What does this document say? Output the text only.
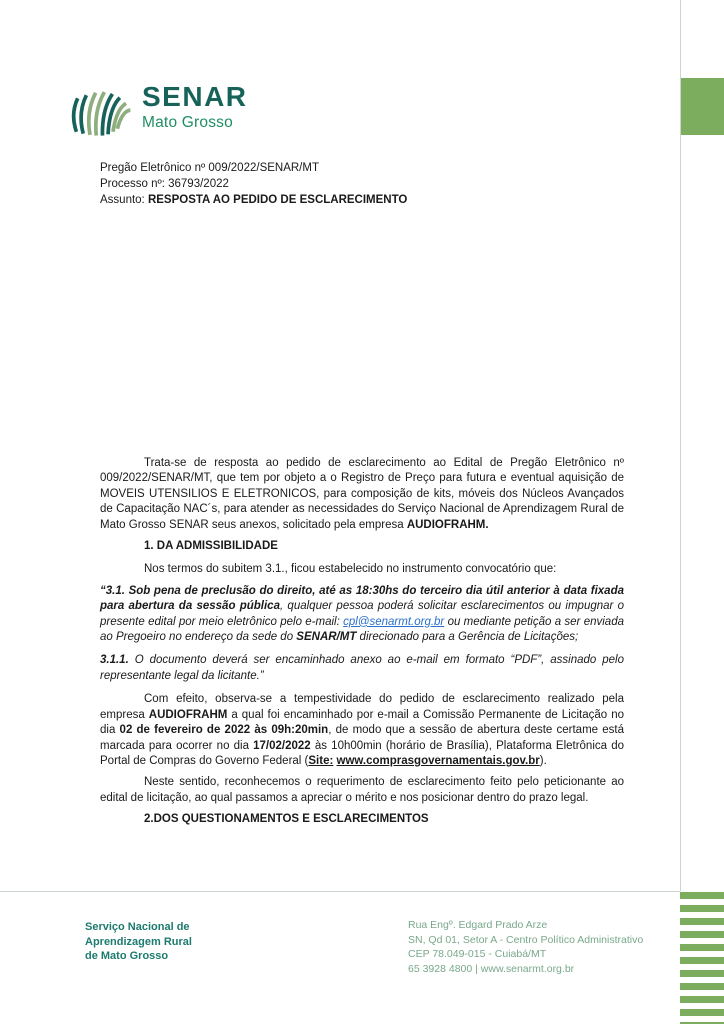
SENAR
Mato Grosso
Pregão Eletrônico nº 009/2022/SENAR/MT
Processo nº: 36793/2022
Assunto: RESPOSTA AO PEDIDO DE ESCLARECIMENTO

Trata-se de resposta ao pedido de esclarecimento ao Edital de Pregão Eletrônico nº 009/2022/SENAR/MT, que tem por objeto a o Registro de Preço para futura e eventual aquisição de MOVEIS UTENSILIOS E ELETRONICOS, para composição de kits, móveis dos Núcleos Avançados de Capacitação NAC´s, para atender as necessidades do Serviço Nacional de Aprendizagem Rural de Mato Grosso SENAR seus anexos, solicitado pela empresa AUDIOFRAHM.

1. DA ADMISSIBILIDADE

Nos termos do subitem 3.1., ficou estabelecido no instrumento convocatório que:

“3.1. Sob pena de preclusão do direito, até as 18:30hs do terceiro dia útil anterior à data fixada para abertura da sessão pública, qualquer pessoa poderá solicitar esclarecimentos ou impugnar o presente edital por meio eletrônico pelo e-mail: cpl@senarmt.org.br ou mediante petição a ser enviada ao Pregoeiro no endereço da sede do SENAR/MT direcionado para a Gerência de Licitações;

3.1.1. O documento deverá ser encaminhado anexo ao e-mail em formato “PDF”, assinado pelo representante legal da licitante.”

Com efeito, observa-se a tempestividade do pedido de esclarecimento realizado pela empresa AUDIOFRAHM a qual foi encaminhado por e-mail a Comissão Permanente de Licitação no dia 02 de fevereiro de 2022 às 09h:20min, de modo que a sessão de abertura deste certame está marcada para ocorrer no dia 17/02/2022 às 10h00min (horário de Brasília), Plataforma Eletrônica do Portal de Compras do Governo Federal (Site: www.comprasgovernamentais.gov.br).

Neste sentido, reconhecemos o requerimento de esclarecimento feito pelo peticionante ao edital de licitação, ao qual passamos a apreciar o mérito e nos posicionar dentro do prazo legal.

2.DOS QUESTIONAMENTOS E ESCLARECIMENTOS

Serviço Nacional de
Aprendizagem Rural
de Mato Grosso
Rua Engº. Edgard Prado Arze
SN, Qd 01, Setor A - Centro Político Administrativo
CEP 78.049-015 - Cuiabá/MT
65 3928 4800 | www.senarmt.org.br
